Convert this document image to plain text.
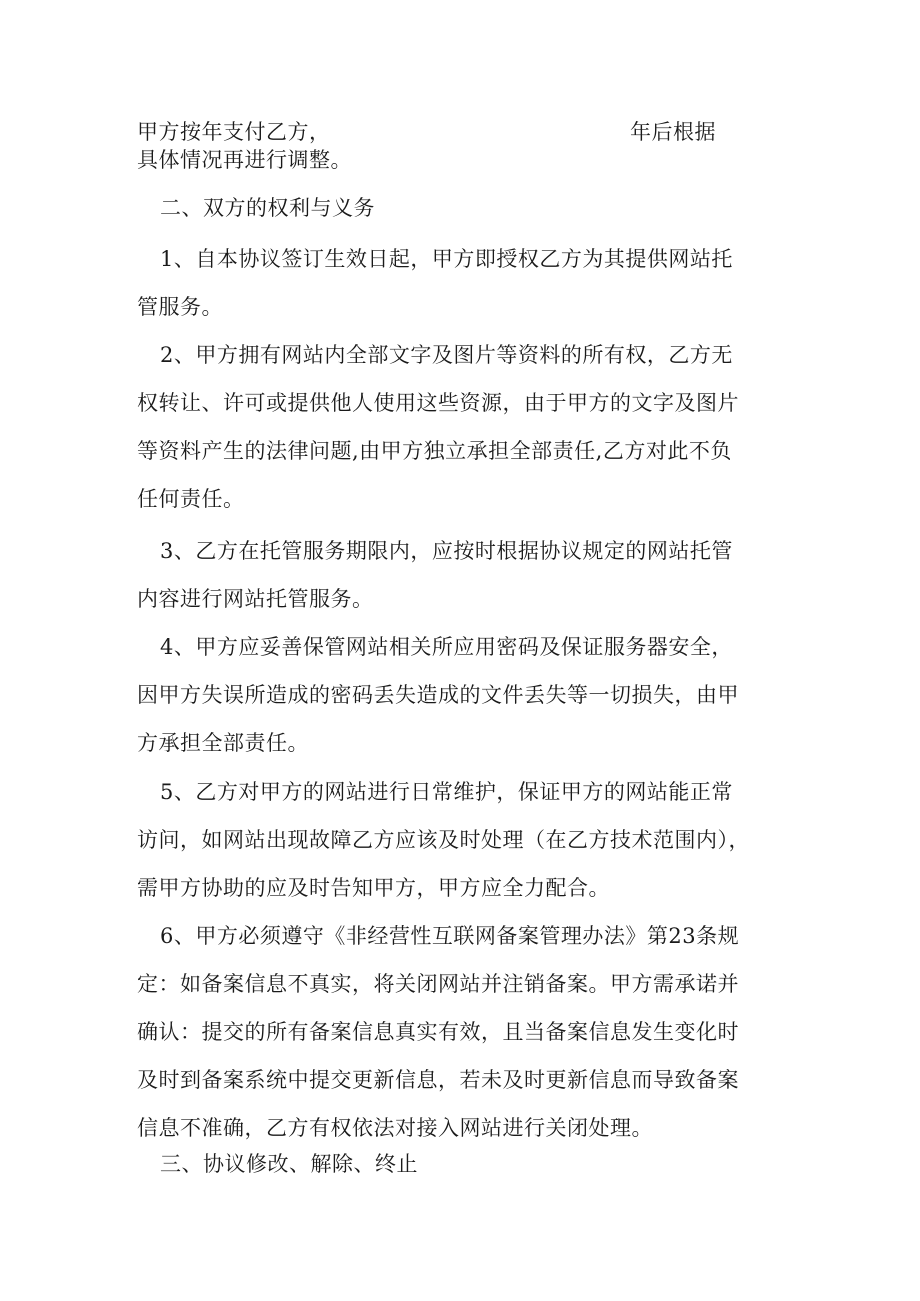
甲方按年支付乙方，	年后根据
具体情况再进行调整。
二、双方的权利与义务
1、自本协议签订生效日起，甲方即授权乙方为其提供网站托
管服务。
2、甲方拥有网站内全部文字及图片等资料的所有权，乙方无
权转让、许可或提供他人使用这些资源，由于甲方的文字及图片
等资料产生的法律问题,由甲方独立承担全部责任,乙方对此不负
任何责任。
3、乙方在托管服务期限内，应按时根据协议规定的网站托管
内容进行网站托管服务。
4、甲方应妥善保管网站相关所应用密码及保证服务器安全，
因甲方失误所造成的密码丢失造成的文件丢失等一切损失，由甲
方承担全部责任。
5、乙方对甲方的网站进行日常维护，保证甲方的网站能正常
访问，如网站出现故障乙方应该及时处理（在乙方技术范围内），
需甲方协助的应及时告知甲方，甲方应全力配合。
6、甲方必须遵守《非经营性互联网备案管理办法》第23条规
定：如备案信息不真实，将关闭网站并注销备案。甲方需承诺并
确认：提交的所有备案信息真实有效，且当备案信息发生变化时
及时到备案系统中提交更新信息，若未及时更新信息而导致备案
信息不准确，乙方有权依法对接入网站进行关闭处理。
三、协议修改、解除、终止
